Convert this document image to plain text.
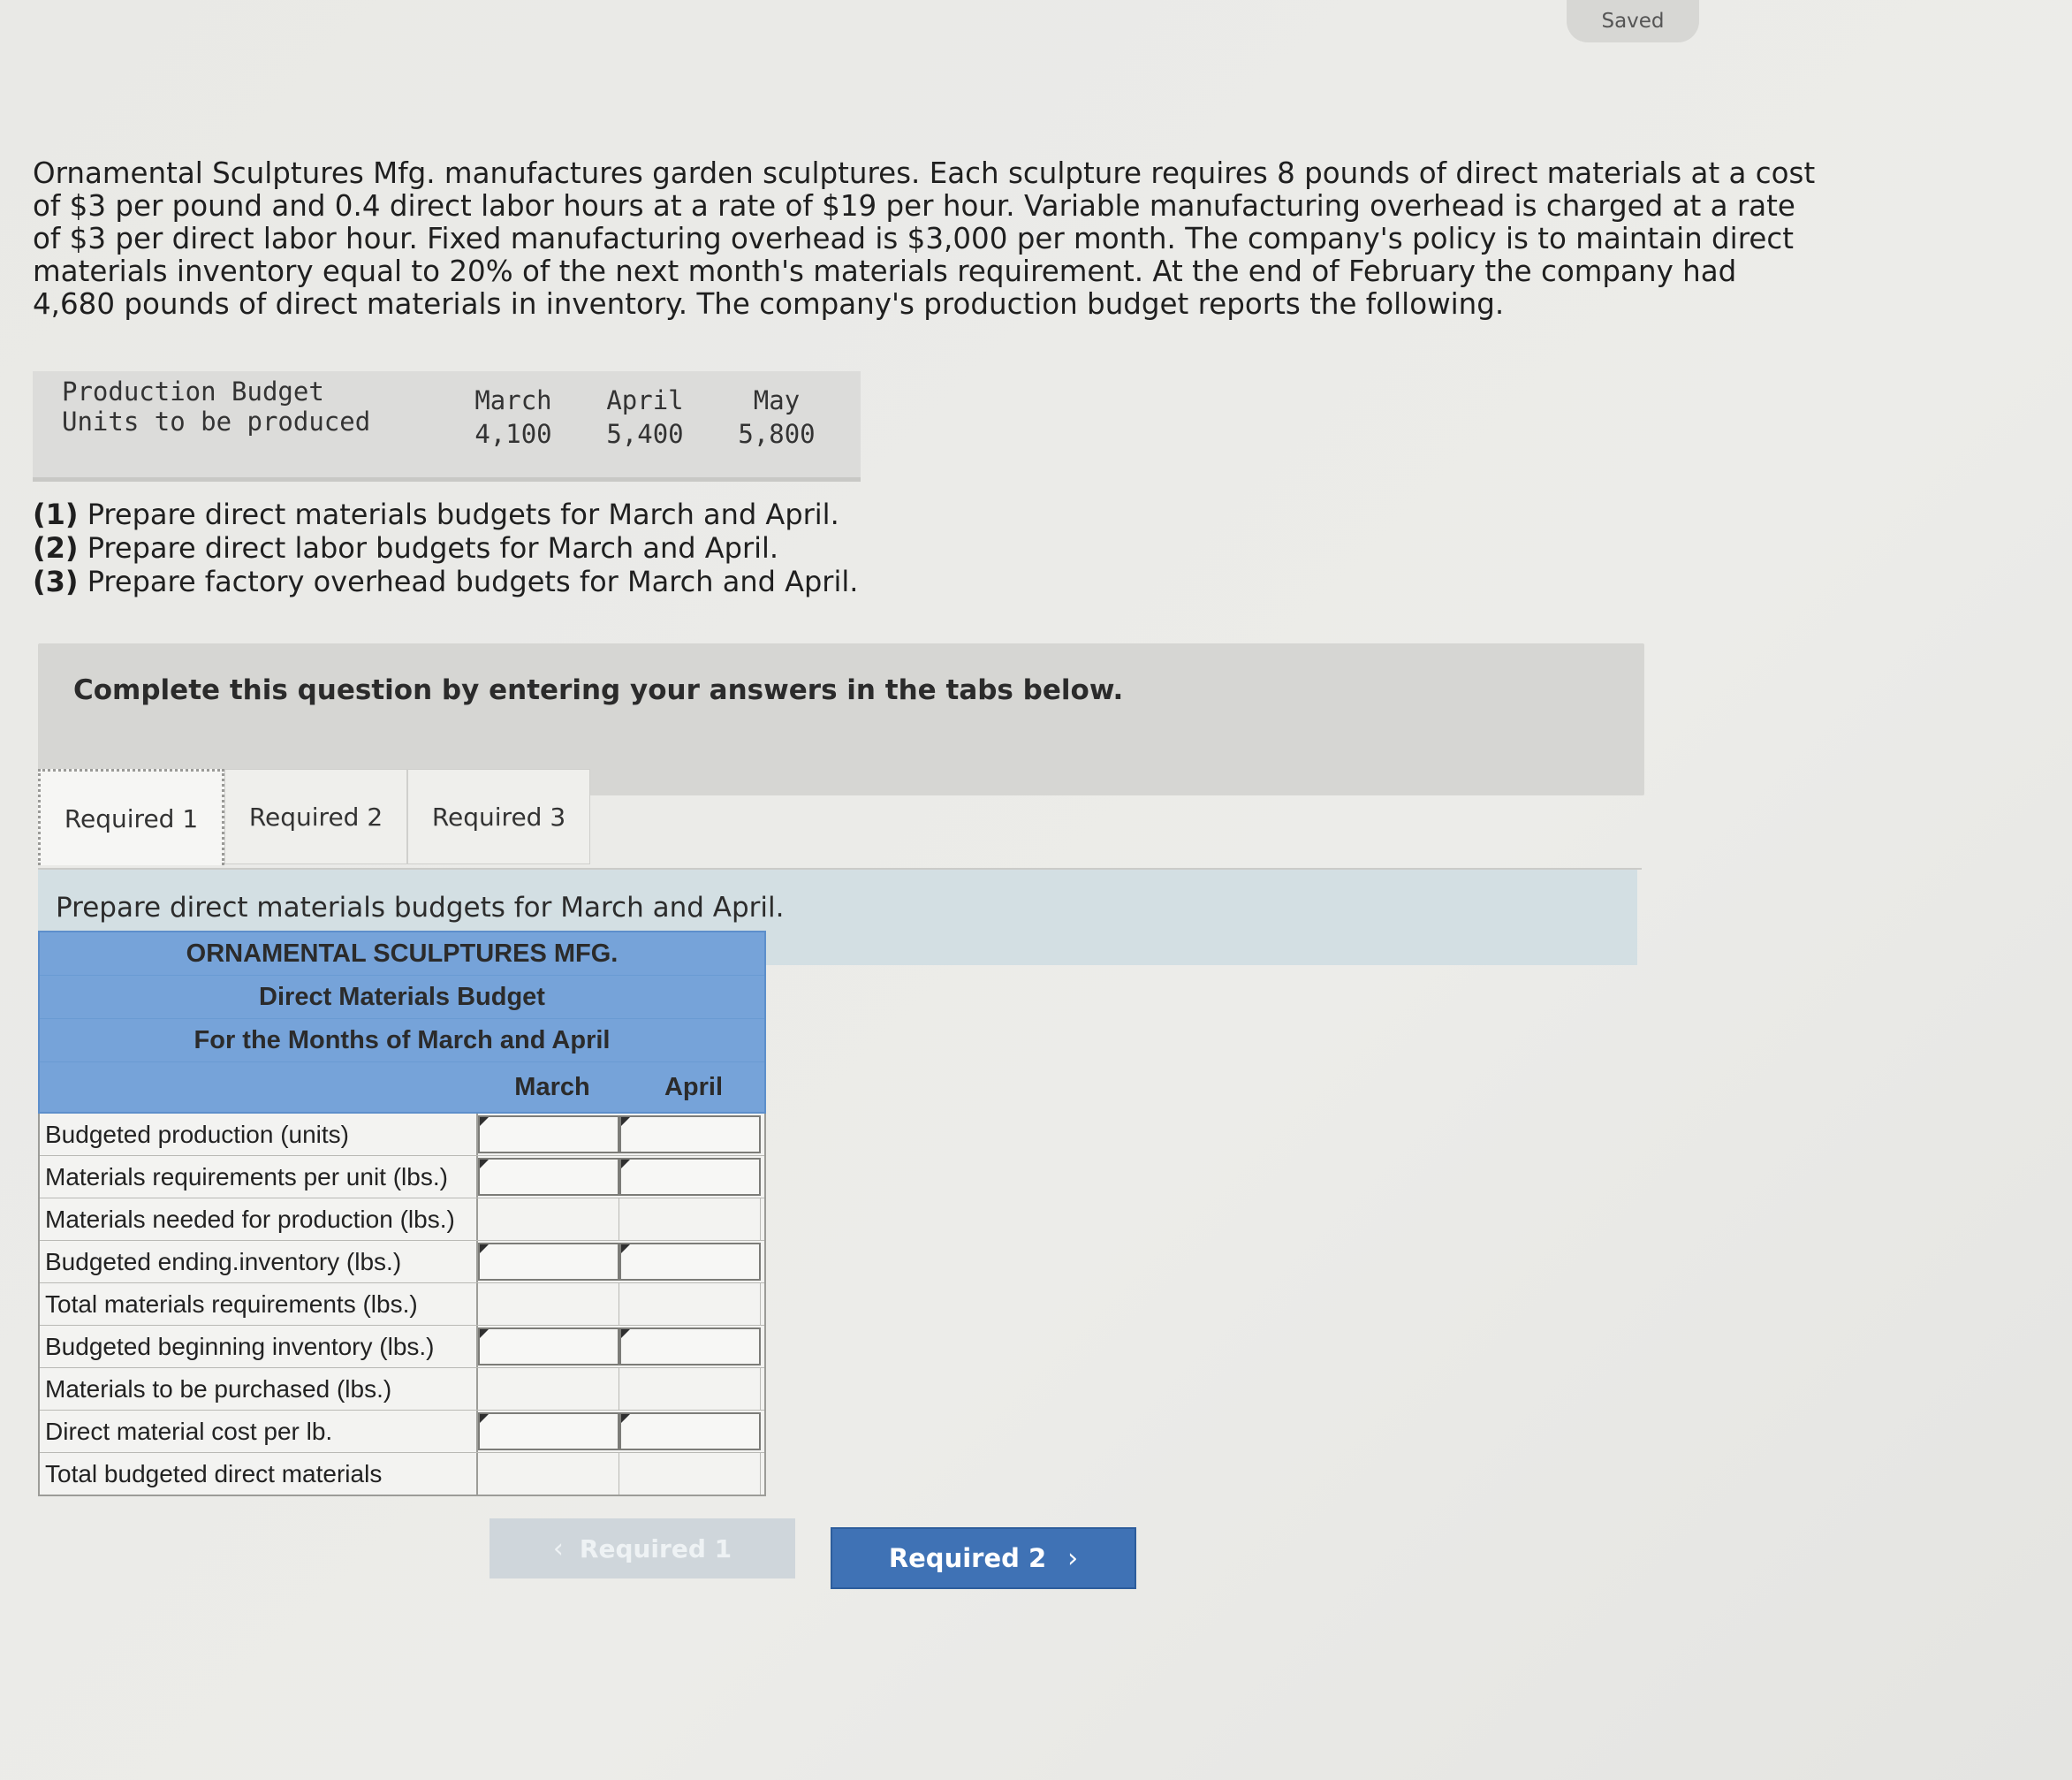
Saved
Ornamental Sculptures Mfg. manufactures garden sculptures. Each sculpture requires 8 pounds of direct materials at a cost of $3 per pound and 0.4 direct labor hours at a rate of $19 per hour. Variable manufacturing overhead is charged at a rate of $3 per direct labor hour. Fixed manufacturing overhead is $3,000 per month. The company's policy is to maintain direct materials inventory equal to 20% of the next month's materials requirement. At the end of February the company had 4,680 pounds of direct materials in inventory. The company's production budget reports the following.
Production Budget
Units to be produced
March	April	May
4,100	5,400	5,800
(1) Prepare direct materials budgets for March and April.
(2) Prepare direct labor budgets for March and April.
(3) Prepare factory overhead budgets for March and April.
Complete this question by entering your answers in the tabs below.
Required 1 Required 2 Required 3
Prepare direct materials budgets for March and April.
ORNAMENTAL SCULPTURES MFG.
Direct Materials Budget
For the Months of March and April
March	April
Budgeted production (units)
Materials requirements per unit (lbs.)
Materials needed for production (lbs.)
Budgeted ending.inventory (lbs.)
Total materials requirements (lbs.)
Budgeted beginning inventory (lbs.)
Materials to be purchased (lbs.)
Direct material cost per lb.
Total budgeted direct materials
‹ Required 1	Required 2 ›
